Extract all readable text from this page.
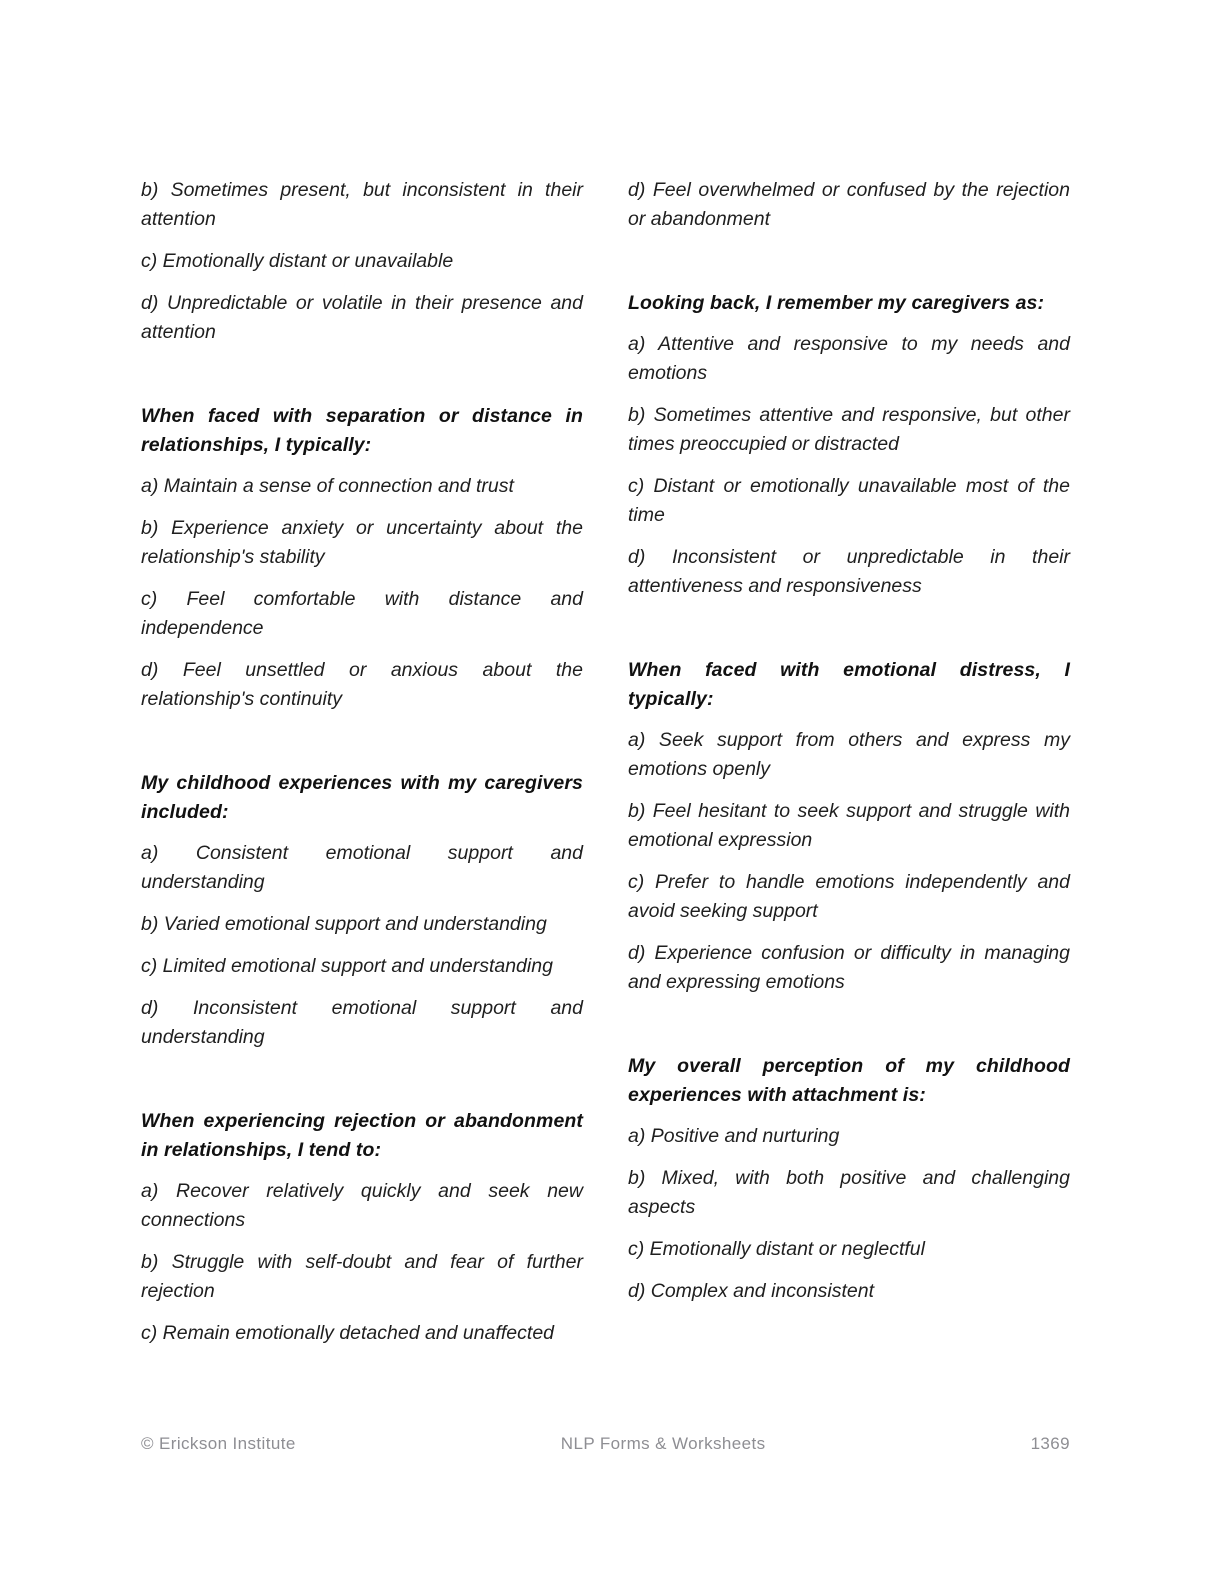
b) Sometimes present, but inconsistent in their attention

c) Emotionally distant or unavailable

d) Unpredictable or volatile in their presence and attention

When faced with separation or distance in relationships, I typically:

a) Maintain a sense of connection and trust

b) Experience anxiety or uncertainty about the relationship's stability

c) Feel comfortable with distance and independence

d) Feel unsettled or anxious about the relationship's continuity

My childhood experiences with my caregivers included:

a) Consistent emotional support and understanding

b) Varied emotional support and understanding

c) Limited emotional support and understanding

d) Inconsistent emotional support and understanding

When experiencing rejection or abandonment in relationships, I tend to:

a) Recover relatively quickly and seek new connections

b) Struggle with self-doubt and fear of further rejection

c) Remain emotionally detached and unaffected

d) Feel overwhelmed or confused by the rejection or abandonment

Looking back, I remember my caregivers as:

a) Attentive and responsive to my needs and emotions

b) Sometimes attentive and responsive, but other times preoccupied or distracted

c) Distant or emotionally unavailable most of the time

d) Inconsistent or unpredictable in their attentiveness and responsiveness

When faced with emotional distress, I typically:

a) Seek support from others and express my emotions openly

b) Feel hesitant to seek support and struggle with emotional expression

c) Prefer to handle emotions independently and avoid seeking support

d) Experience confusion or difficulty in managing and expressing emotions

My overall perception of my childhood experiences with attachment is:

a) Positive and nurturing

b) Mixed, with both positive and challenging aspects

c) Emotionally distant or neglectful

d) Complex and inconsistent

© Erickson Institute	NLP Forms & Worksheets	1369
